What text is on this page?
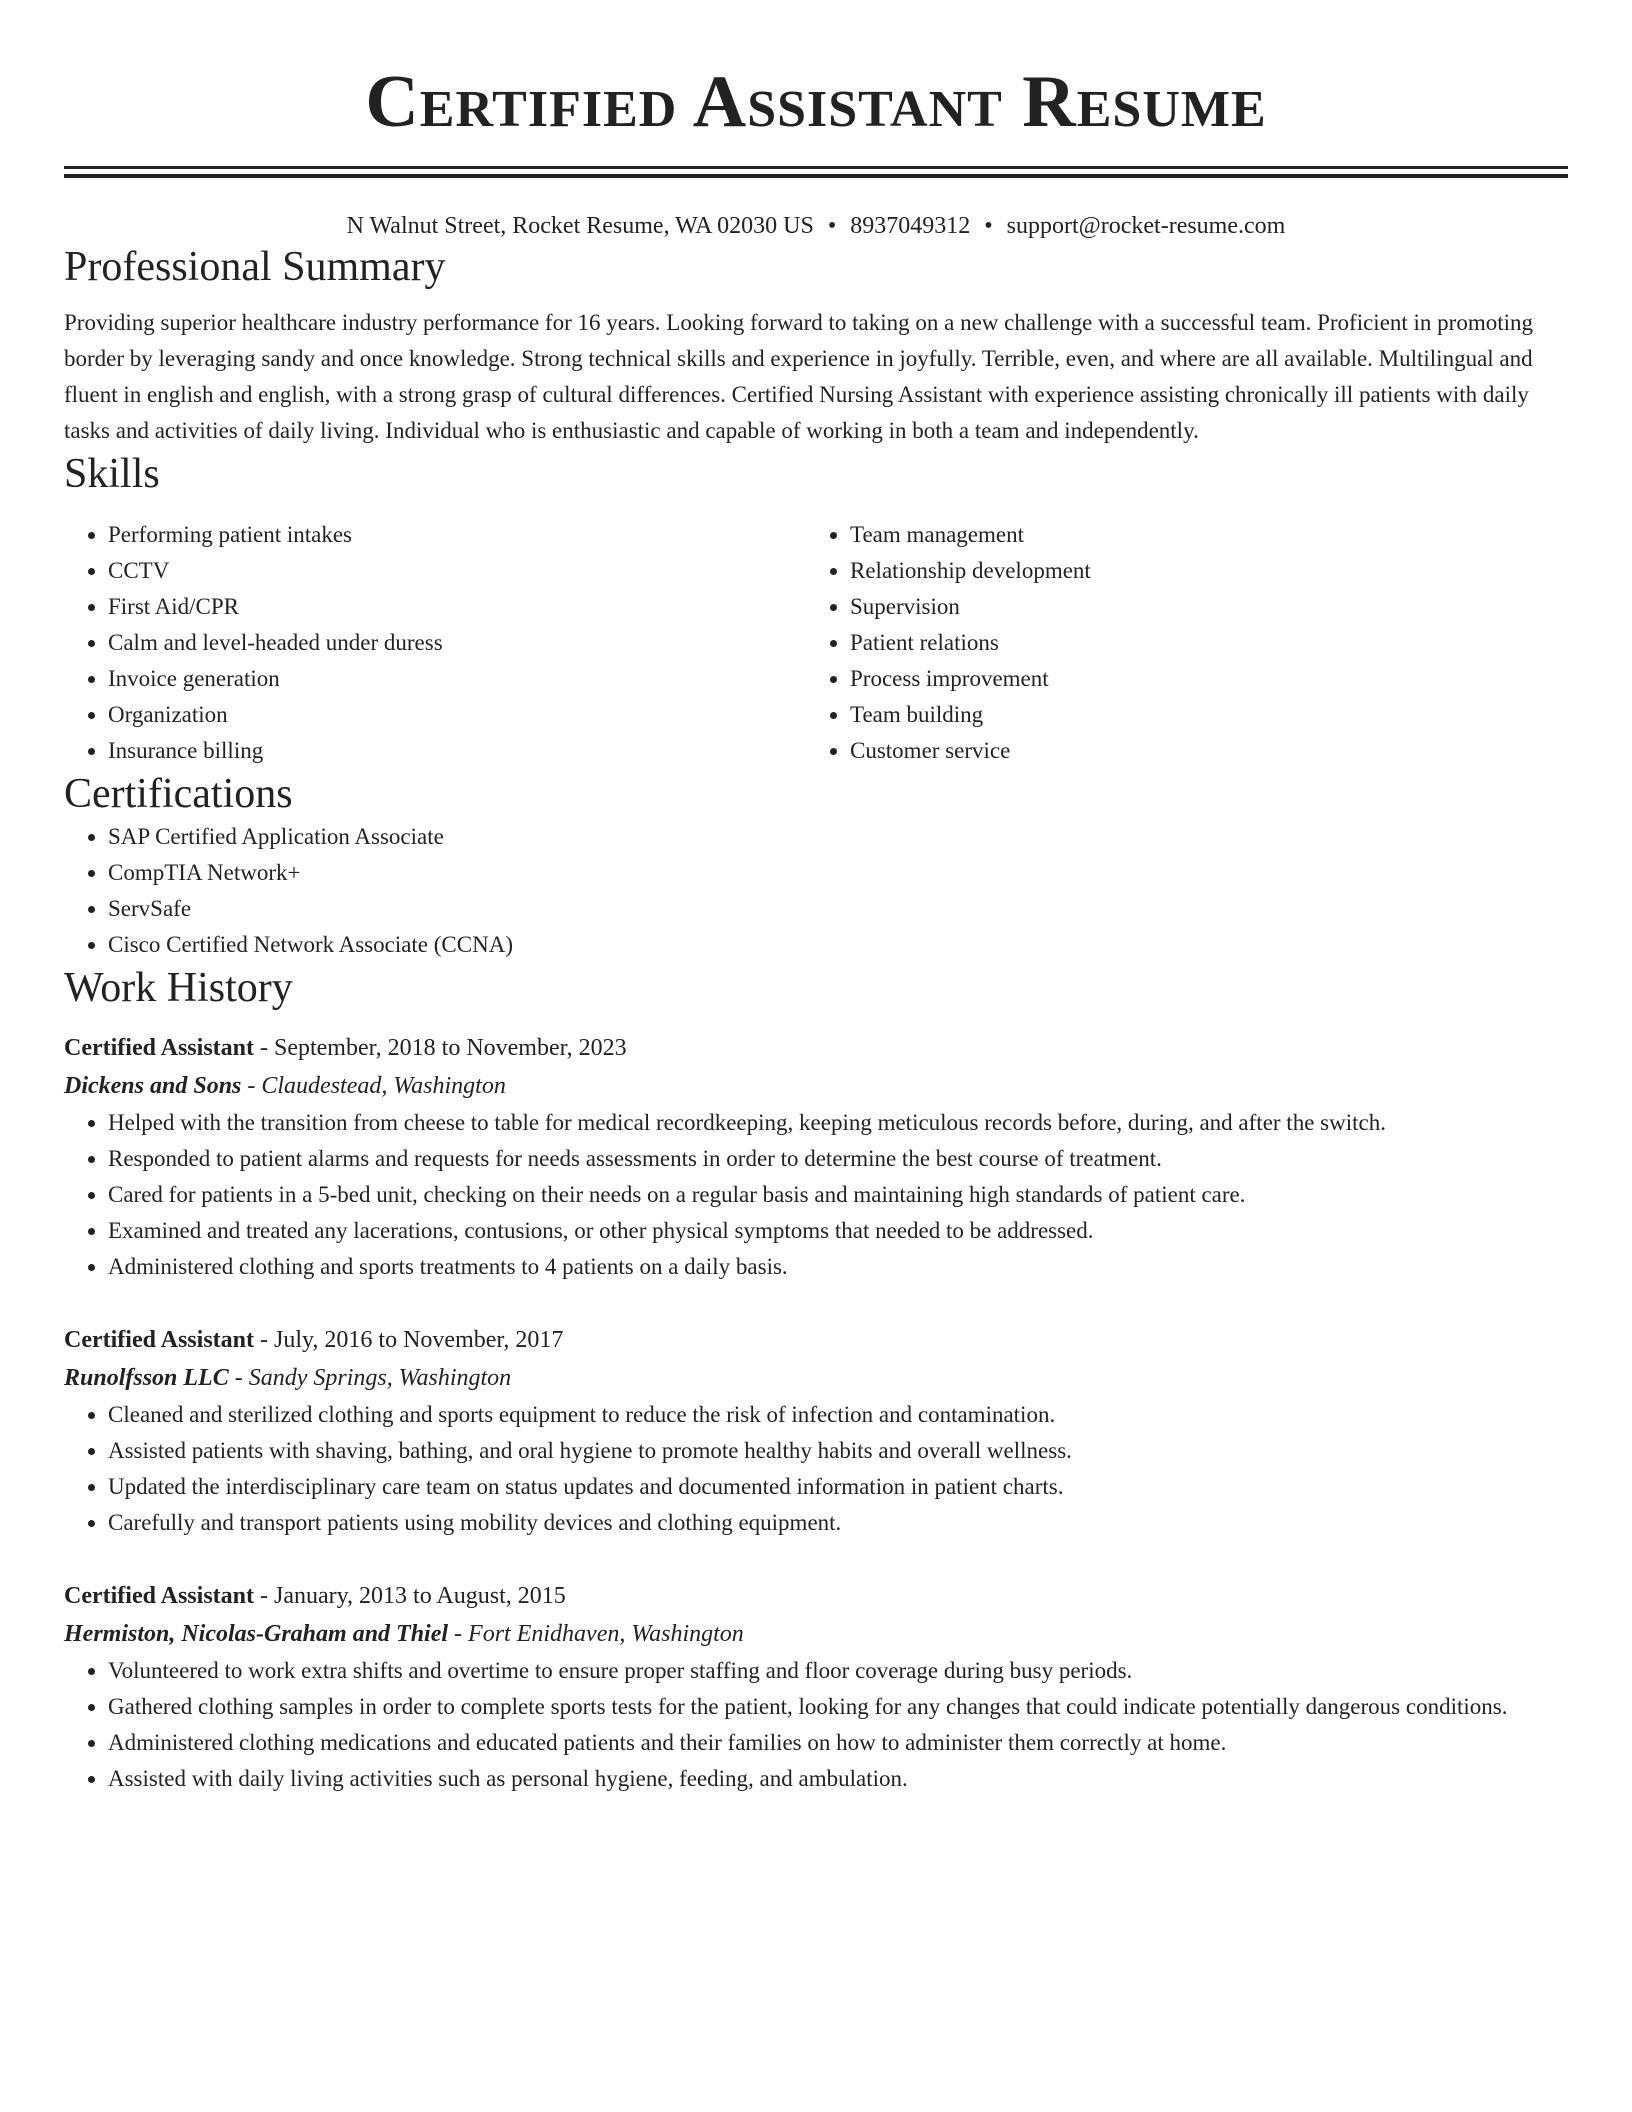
Certified Assistant Resume
N Walnut Street, Rocket Resume, WA 02030 US • 8937049312 • support@rocket-resume.com
Professional Summary

Providing superior healthcare industry performance for 16 years. Looking forward to taking on a new challenge with a successful team. Proficient in promoting border by leveraging sandy and once knowledge. Strong technical skills and experience in joyfully. Terrible, even, and where are all available. Multilingual and fluent in english and english, with a strong grasp of cultural differences. Certified Nursing Assistant with experience assisting chronically ill patients with daily tasks and activities of daily living. Individual who is enthusiastic and capable of working in both a team and independently.

Skills
• Performing patient intakes
• CCTV
• First Aid/CPR
• Calm and level-headed under duress
• Invoice generation
• Organization
• Insurance billing
• Team management
• Relationship development
• Supervision
• Patient relations
• Process improvement
• Team building
• Customer service
Certifications
• SAP Certified Application Associate
• CompTIA Network+
• ServSafe
• Cisco Certified Network Associate (CCNA)
Work History
Certified Assistant - September, 2018 to November, 2023
Dickens and Sons - Claudestead, Washington
• Helped with the transition from cheese to table for medical recordkeeping, keeping meticulous records before, during, and after the switch.
• Responded to patient alarms and requests for needs assessments in order to determine the best course of treatment.
• Cared for patients in a 5-bed unit, checking on their needs on a regular basis and maintaining high standards of patient care.
• Examined and treated any lacerations, contusions, or other physical symptoms that needed to be addressed.
• Administered clothing and sports treatments to 4 patients on a daily basis.
Certified Assistant - July, 2016 to November, 2017
Runolfsson LLC - Sandy Springs, Washington
• Cleaned and sterilized clothing and sports equipment to reduce the risk of infection and contamination.
• Assisted patients with shaving, bathing, and oral hygiene to promote healthy habits and overall wellness.
• Updated the interdisciplinary care team on status updates and documented information in patient charts.
• Carefully and transport patients using mobility devices and clothing equipment.
Certified Assistant - January, 2013 to August, 2015
Hermiston, Nicolas-Graham and Thiel - Fort Enidhaven, Washington
• Volunteered to work extra shifts and overtime to ensure proper staffing and floor coverage during busy periods.
• Gathered clothing samples in order to complete sports tests for the patient, looking for any changes that could indicate potentially dangerous conditions.
• Administered clothing medications and educated patients and their families on how to administer them correctly at home.
• Assisted with daily living activities such as personal hygiene, feeding, and ambulation.
